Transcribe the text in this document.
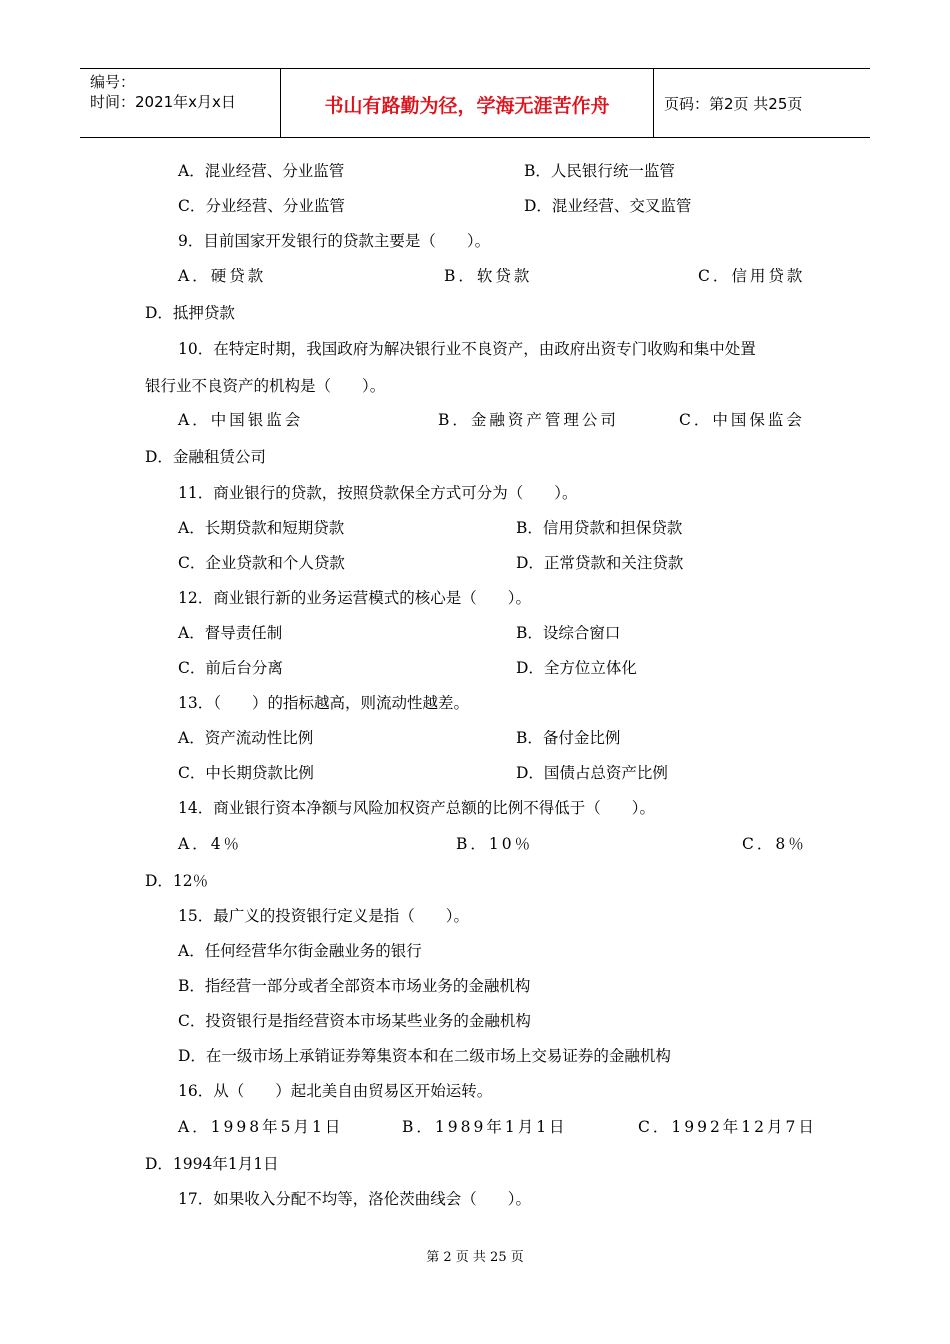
编号：
时间：2021年x月x日	书山有路勤为径，学海无涯苦作舟	页码：第2页 共25页
A．混业经营、分业监管	B．人民银行统一监管
C．分业经营、分业监管	D．混业经营、交叉监管
9．目前国家开发银行的贷款主要是（　　）。
A．硬贷款	B．软贷款	C．信用贷款
D．抵押贷款
10．在特定时期，我国政府为解决银行业不良资产，由政府出资专门收购和集中处置
银行业不良资产的机构是（　　）。
A．中国银监会	B．金融资产管理公司	C．中国保监会
D．金融租赁公司
11．商业银行的贷款，按照贷款保全方式可分为（　　）。
A．长期贷款和短期贷款	B．信用贷款和担保贷款
C．企业贷款和个人贷款	D．正常贷款和关注贷款
12．商业银行新的业务运营模式的核心是（　　）。
A．督导责任制	B．设综合窗口
C．前后台分离	D．全方位立体化
13．（　　）的指标越高，则流动性越差。
A．资产流动性比例	B．备付金比例
C．中长期贷款比例	D．国债占总资产比例
14．商业银行资本净额与风险加权资产总额的比例不得低于（　　）。
A．4％	B．10％	C．8％
D．12％
15．最广义的投资银行定义是指（　　）。
A．任何经营华尔街金融业务的银行
B．指经营一部分或者全部资本市场业务的金融机构
C．投资银行是指经营资本市场某些业务的金融机构
D．在一级市场上承销证券筹集资本和在二级市场上交易证券的金融机构
16．从（　　）起北美自由贸易区开始运转。
A．1998年5月1日	B．1989年1月1日	C．1992年12月7日
D．1994年1月1日
17．如果收入分配不均等，洛伦茨曲线会（　　）。
第 2 页 共 25 页
